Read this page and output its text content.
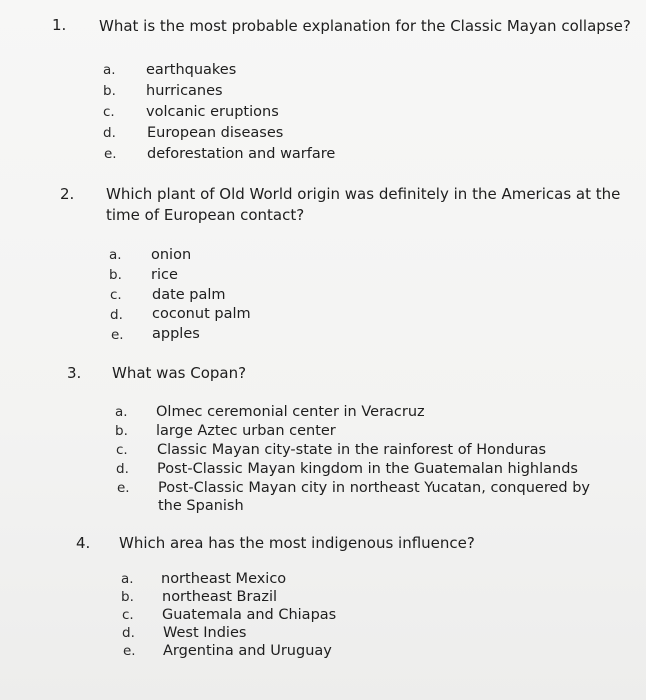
1. What is the most probable explanation for the Classic Mayan collapse?
a. earthquakes
b. hurricanes
c. volcanic eruptions
d. European diseases
e. deforestation and warfare
2. Which plant of Old World origin was definitely in the Americas at the time of European contact?
a. onion
b. rice
c. date palm
d. coconut palm
e. apples
3. What was Copan?
a. Olmec ceremonial center in Veracruz
b. large Aztec urban center
c. Classic Mayan city-state in the rainforest of Honduras
d. Post-Classic Mayan kingdom in the Guatemalan highlands
e. Post-Classic Mayan city in northeast Yucatan, conquered by the Spanish
4. Which area has the most indigenous influence?
a. northeast Mexico
b. northeast Brazil
c. Guatemala and Chiapas
d. West Indies
e. Argentina and Uruguay
